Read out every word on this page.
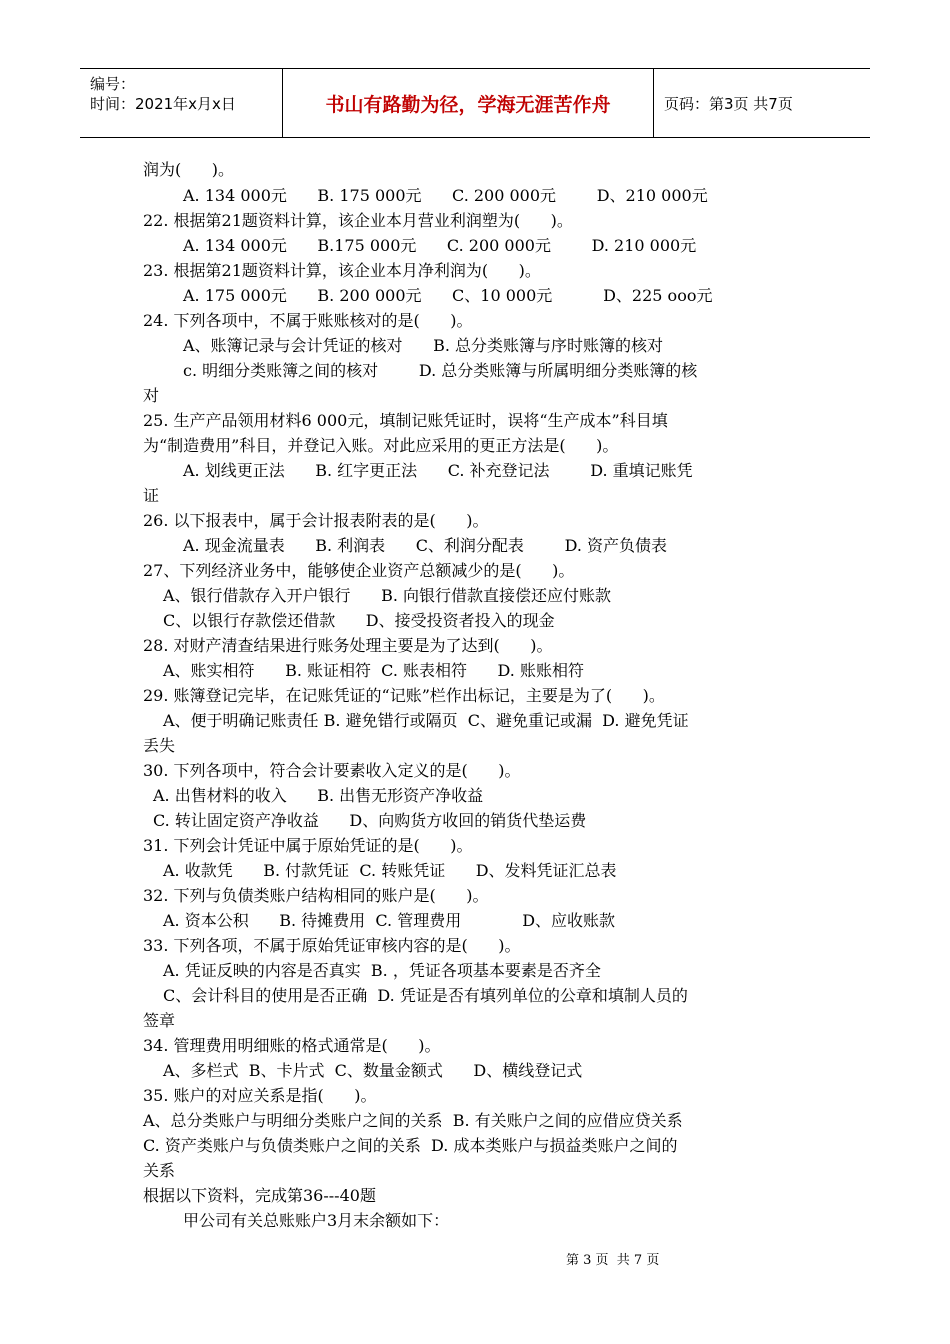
编号：
时间：2021年x月x日	书山有路勤为径，学海无涯苦作舟	页码：第3页 共7页
润为(      )。
A. 134 000元      B. 175 000元      C. 200 000元        D、210 000元
22. 根据第21题资料计算，该企业本月营业利润塑为(      )。
A. 134 000元      B.175 000元      C. 200 000元        D. 210 000元
23. 根据第21题资料计算，该企业本月净利润为(      )。
A. 175 000元      B. 200 000元      C、10 000元          D、225 ooo元
24. 下列各项中，不属于账账核对的是(      )。
A、账簿记录与会计凭证的核对      B. 总分类账簿与序时账簿的核对
c. 明细分类账簿之间的核对        D. 总分类账簿与所属明细分类账簿的核
对
25. 生产产品领用材料6 000元，填制记账凭证时，误将“生产成本”科目填
为“制造费用”科目，并登记入账。对此应采用的更正方法是(      )。
A. 划线更正法      B. 红字更正法      C. 补充登记法        D. 重填记账凭
证
26. 以下报表中，属于会计报表附表的是(      )。
A. 现金流量表      B. 利润表      C、利润分配表        D. 资产负债表
27、下列经济业务中，能够使企业资产总额减少的是(      )。
A、银行借款存入开户银行      B. 向银行借款直接偿还应付账款
C、以银行存款偿还借款      D、接受投资者投入的现金
28. 对财产清查结果进行账务处理主要是为了达到(      )。
A、账实相符      B. 账证相符  C. 账表相符      D. 账账相符
29. 账簿登记完毕，在记账凭证的“记账”栏作出标记，主要是为了(      )。
A、便于明确记账责任 B. 避免错行或隔页  C、避免重记或漏  D. 避免凭证
丢失
30. 下列各项中，符合会计要素收入定义的是(      )。
A. 出售材料的收入      B. 出售无形资产净收益
C. 转让固定资产净收益      D、向购货方收回的销货代垫运费
31. 下列会计凭证中属于原始凭证的是(      )。
A. 收款凭      B. 付款凭证  C. 转账凭证      D、发料凭证汇总表
32. 下列与负债类账户结构相同的账户是(      )。
A. 资本公积      B. 待摊费用  C. 管理费用            D、应收账款
33. 下列各项，不属于原始凭证审核内容的是(      )。
A. 凭证反映的内容是否真实  B. ，凭证各项基本要素是否齐全
C、会计科目的使用是否正确  D. 凭证是否有填列单位的公章和填制人员的
签章
34. 管理费用明细账的格式通常是(      )。
A、多栏式  B、卡片式  C、数量金额式      D、横线登记式
35. 账户的对应关系是指(      )。
A、总分类账户与明细分类账户之间的关系  B. 有关账户之间的应借应贷关系
C. 资产类账户与负债类账户之间的关系  D. 成本类账户与损益类账户之间的
关系
根据以下资料，完成第36---40题
甲公司有关总账账户3月末余额如下：
第 3 页  共 7 页
